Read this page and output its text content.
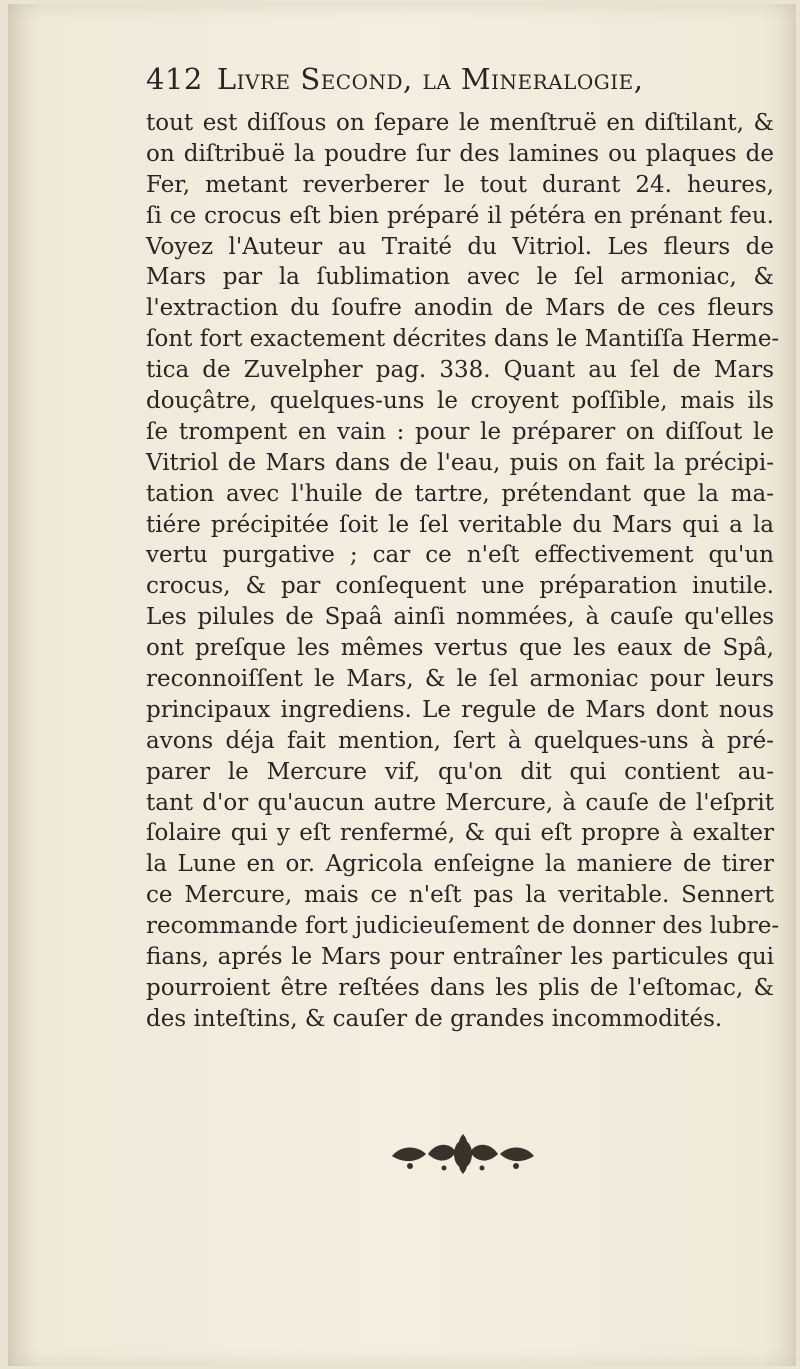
412 Livre Second, la Mineralogie,
tout est diſſous on ſepare le menſtruë en diſtilant, &
on diſtribuë la poudre ſur des lamines ou plaques de
Fer, metant reverberer le tout durant 24. heures,
ſi ce crocus eſt bien préparé il pétéra en prénant feu.
Voyez l'Auteur au Traité du Vitriol. Les fleurs de
Mars par la ſublimation avec le ſel armoniac, &
l'extraction du ſoufre anodin de Mars de ces fleurs
ſont fort exactement décrites dans le Mantiſſa Herme-
tica de Zuvelpher pag. 338. Quant au ſel de Mars
douçâtre, quelques-uns le croyent poſſible, mais ils
ſe trompent en vain : pour le préparer on diſſout le
Vitriol de Mars dans de l'eau, puis on fait la précipi-
tation avec l'huile de tartre, prétendant que la ma-
tiére précipitée ſoit le ſel veritable du Mars qui a la
vertu purgative ; car ce n'eſt effectivement qu'un
crocus, & par conſequent une préparation inutile.
Les pilules de Spaâ ainſi nommées, à cauſe qu'elles
ont preſque les mêmes vertus que les eaux de Spâ,
reconnoiſſent le Mars, & le ſel armoniac pour leurs
principaux ingrediens. Le regule de Mars dont nous
avons déja fait mention, ſert à quelques-uns à pré-
parer le Mercure vif, qu'on dit qui contient au-
tant d'or qu'aucun autre Mercure, à cauſe de l'eſprit
ſolaire qui y eſt renfermé, & qui eſt propre à exalter
la Lune en or. Agricola enſeigne la maniere de tirer
ce Mercure, mais ce n'eſt pas la veritable. Sennert
recommande fort judicieuſement de donner des lubre-
fians, aprés le Mars pour entraîner les particules qui
pourroient être reſtées dans les plis de l'eſtomac, &
des inteſtins, & cauſer de grandes incommodités.
